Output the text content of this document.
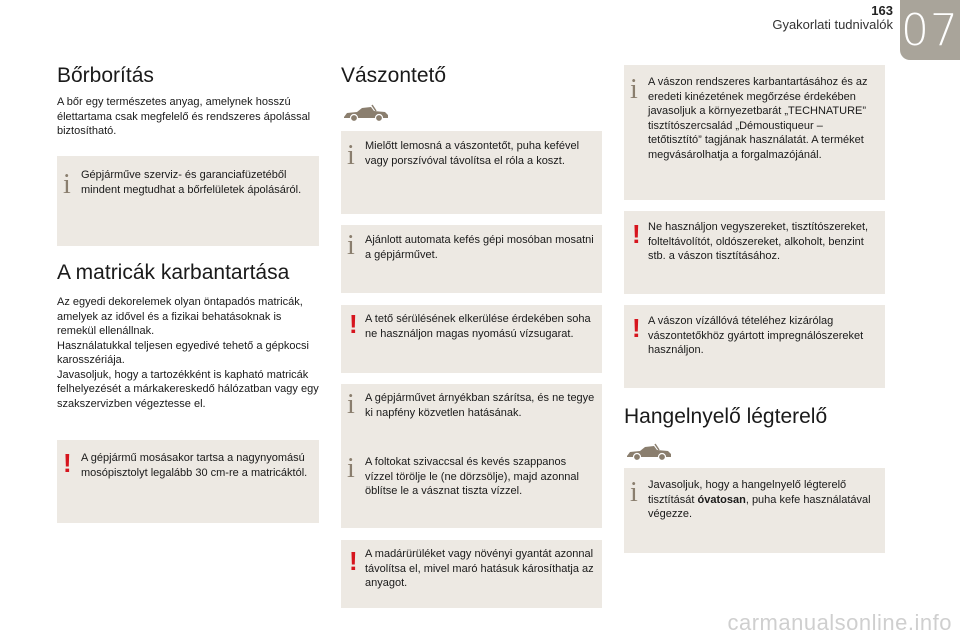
163
Gyakorlati tudnivalók 07
Bőrborítás

A bőr egy természetes anyag, amelynek hosszú élettartama csak megfelelő és rendszeres ápolással biztosítható.

i Gépjárműve szerviz- és garanciafüzetéből mindent megtudhat a bőrfelületek ápolásáról.
A matricák karbantartása

Az egyedi dekorelemek olyan öntapadós matricák, amelyek az idővel és a fizikai behatásoknak is remekül ellenállnak.
Használatukkal teljesen egyedivé tehető a gépkocsi karosszériája.
Javasoljuk, hogy a tartozékként is kapható matricák felhelyezését a márkakereskedő hálózatban vagy egy szakszervizben végeztesse el.

! A gépjármű mosásakor tartsa a nagynyomású mosópisztolyt legalább 30 cm-re a matricáktól.
Vászontető
i Mielőtt lemosná a vászontetőt, puha kefével vagy porszívóval távolítsa el róla a koszt.
i Ajánlott automata kefés gépi mosóban mosatni a gépjárművet.
! A tető sérülésének elkerülése érdekében soha ne használjon magas nyomású vízsugarat.
i A gépjárművet árnyékban szárítsa, és ne tegye ki napfény közvetlen hatásának.
i A foltokat szivaccsal és kevés szappanos vízzel törölje le (ne dörzsölje), majd azonnal öblítse le a vásznat tiszta vízzel.
! A madárürüléket vagy növényi gyantát azonnal távolítsa el, mivel maró hatásuk károsíthatja az anyagot.
i A vászon rendszeres karbantartásához és az eredeti kinézetének megőrzése érdekében javasoljuk a környezetbarát „TECHNATURE” tisztítószercsalád „Démoustiqueur – tetőtisztító” tagjának használatát. A terméket megvásárolhatja a forgalmazójánál.
! Ne használjon vegyszereket, tisztítószereket, folteltávolítót, oldószereket, alkoholt, benzint stb. a vászon tisztításához.
! A vászon vízállóvá tételéhez kizárólag vászontetőkhöz gyártott impregnálószereket használjon.
Hangelnyelő légterelő
i Javasoljuk, hogy a hangelnyelő légterelő tisztítását óvatosan, puha kefe használatával végezze.
carmanualsonline.info
